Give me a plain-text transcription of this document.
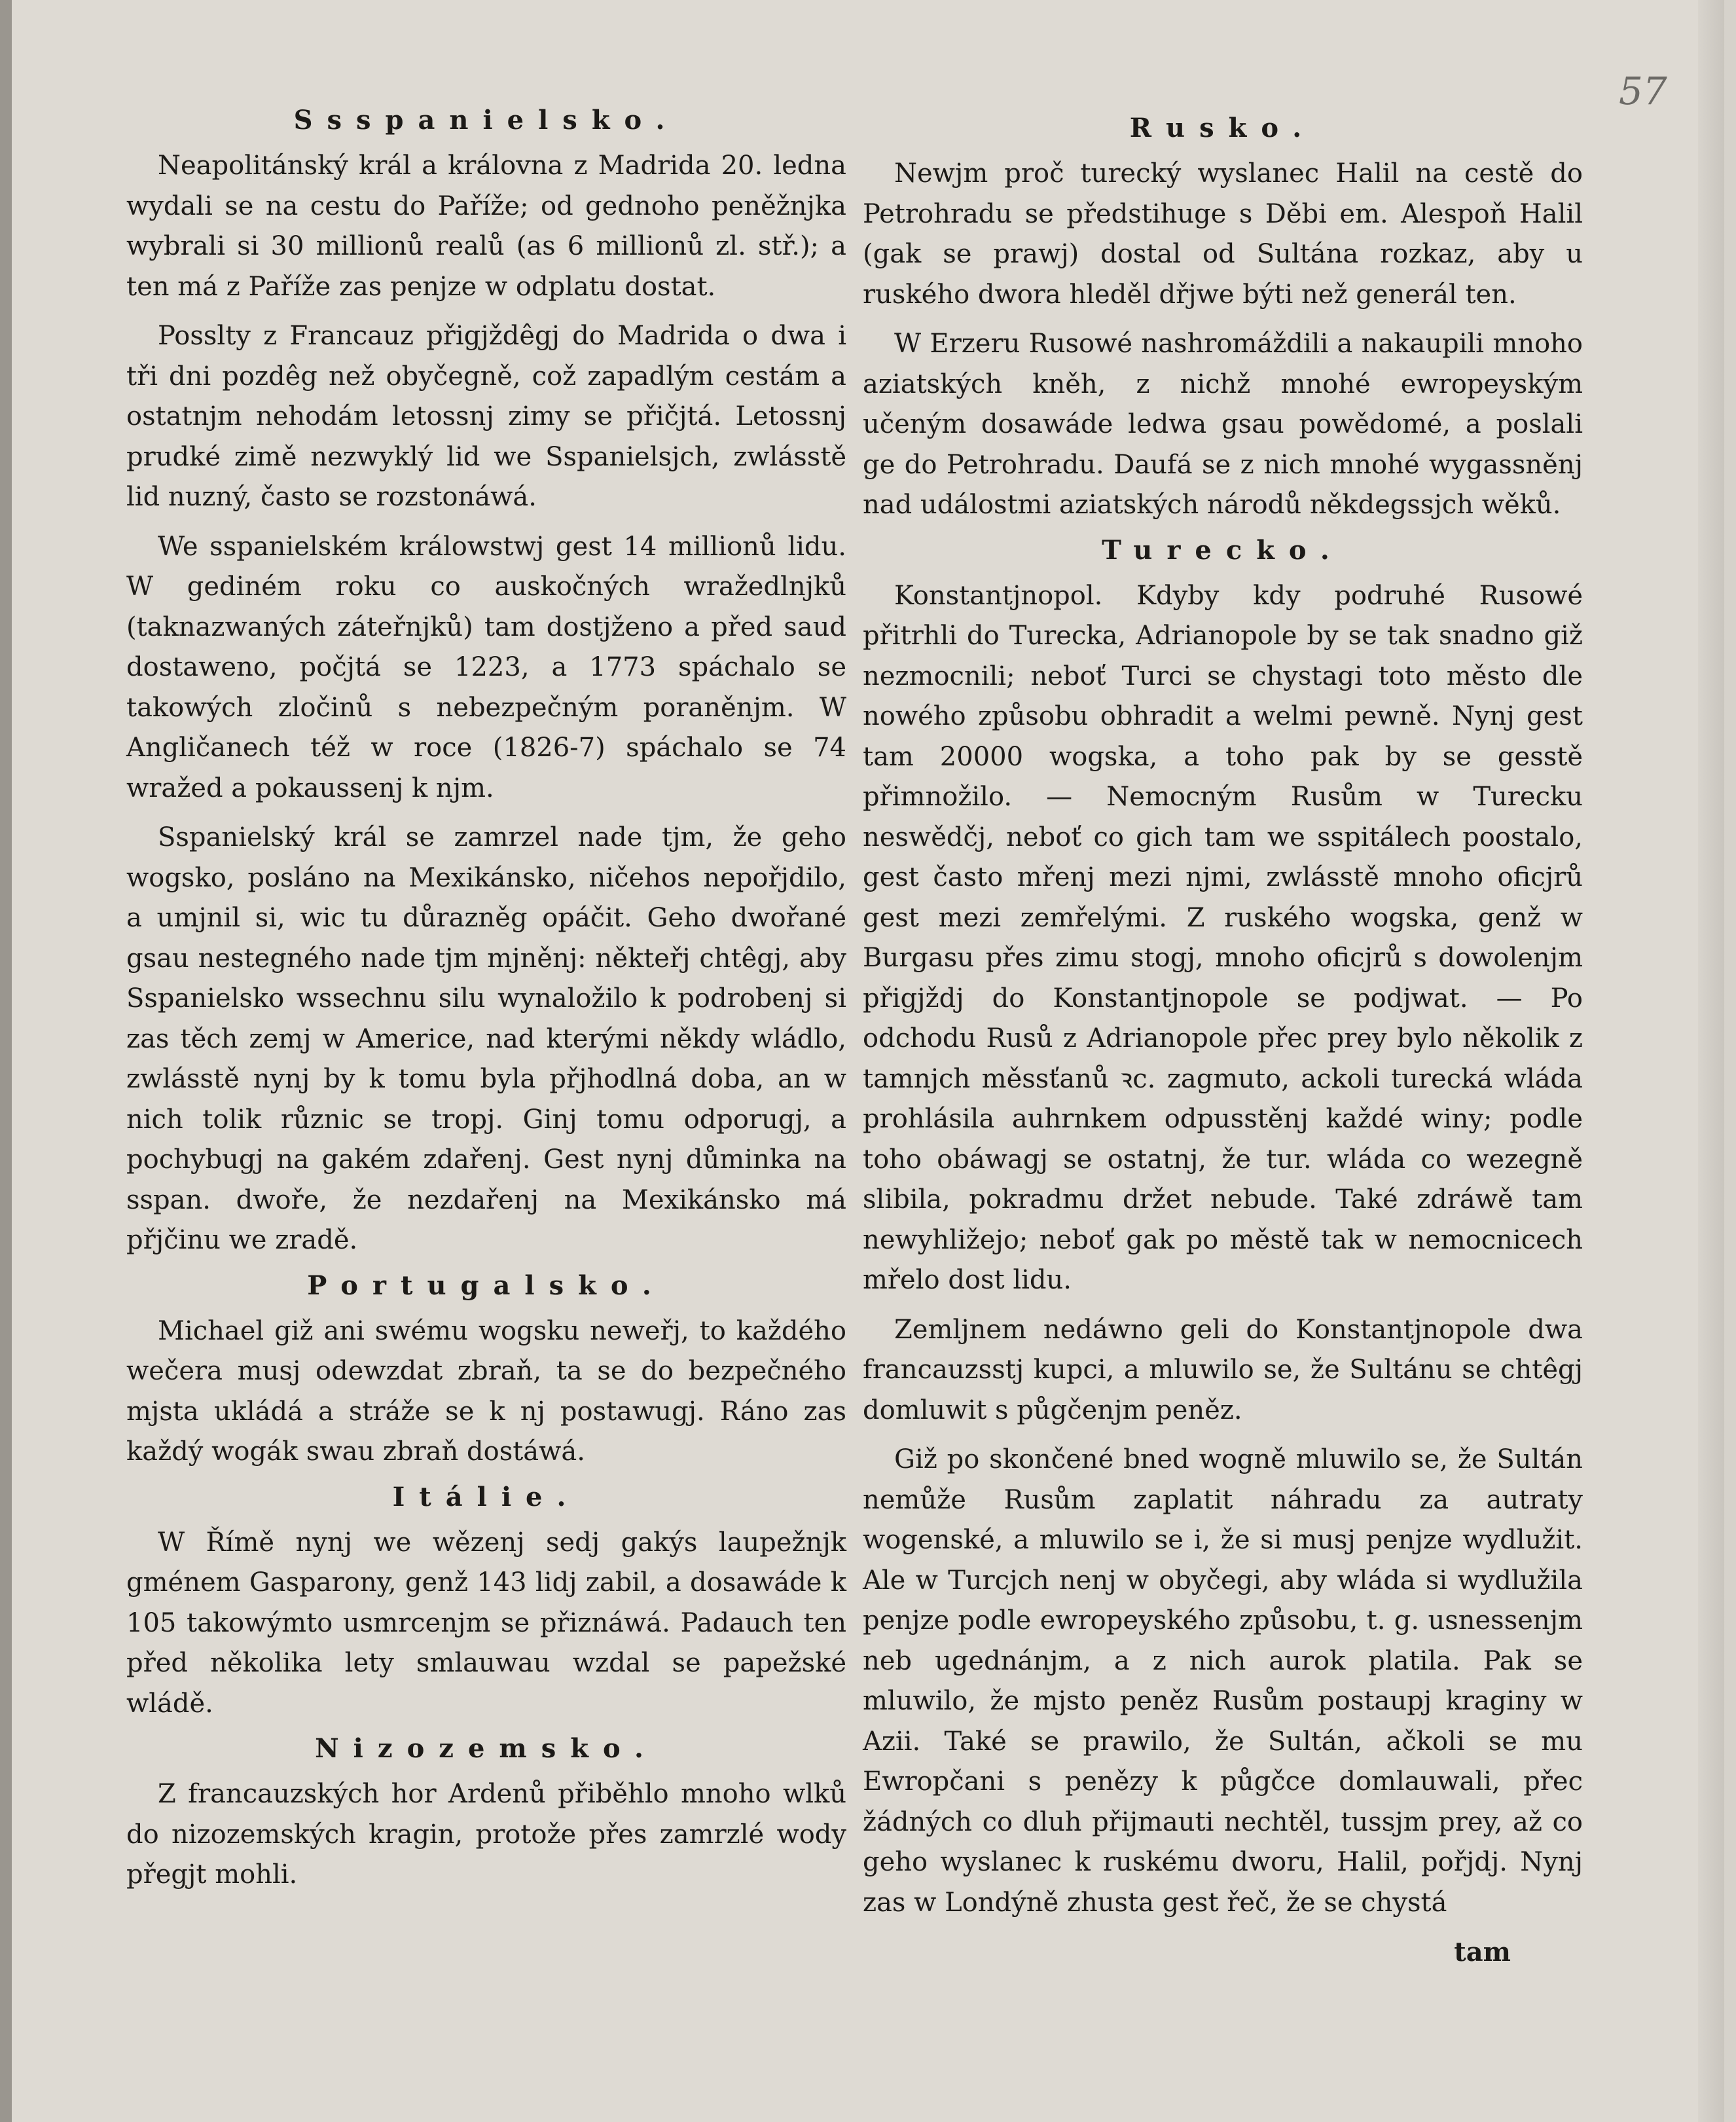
57
Ssspanielsko.

Neapolitánský král a královna z Madrida 20. ledna wydali se na cestu do Paříže; od gednoho peněžnjka wybrali si 30 millionů realů (as 6 millionů zl. stř.); a ten má z Paříže zas penjze w odplatu dostat.

Posslty z Francauz přigjždêgj do Madrida o dwa i tři dni pozdêg než obyčegně, což zapadlým cestám a ostatnjm nehodám letossnj zimy se přičjtá. Letossnj prudké zimě nezwyklý lid we Sspanielsjch, zwlásstě lid nuzný, často se rozstonáwá.

We sspanielském králowstwj gest 14 millionů lidu. W gediném roku co auskočných wražedlnjků (taknazwaných záteřnjků) tam dostjženo a před saud dostaweno, počjtá se 1223, a 1773 spáchalo se takowých zločinů s nebezpečným poraněnjm. W Angličanech též w roce (1826-7) spáchalo se 74 wražed a pokaussenj k njm.

Sspanielský král se zamrzel nade tjm, že geho wogsko, posláno na Mexikánsko, ničehos nepořjdilo, a umjnil si, wic tu důrazněg opáčit. Geho dwořané gsau nestegného nade tjm mjněnj: někteřj chtêgj, aby Sspanielsko wssechnu silu wynaložilo k podrobenj si zas těch zemj w Americe, nad kterými někdy wládlo, zwlásstě nynj by k tomu byla přjhodlná doba, an w nich tolik různic se tropj. Ginj tomu odporugj, a pochybugj na gakém zdařenj. Gest nynj důminka na sspan. dwoře, že nezdařenj na Mexikánsko má přjčinu we zradě.

Portugalsko.

Michael giž ani swému wogsku neweřj, to každého wečera musj odewzdat zbraň, ta se do bezpečného mjsta ukládá a stráže se k nj postawugj. Ráno zas každý wogák swau zbraň dostáwá.

Itálie.

W Římě nynj we wězenj sedj gakýs laupežnjk gménem Gasparony, genž 143 lidj zabil, a dosawáde k 105 takowýmto usmrcenjm se přiznáwá. Padauch ten před několika lety smlauwau wzdal se papežské wládě.

Nizozemsko.

Z francauzských hor Ardenů přiběhlo mnoho wlků do nizozemských kragin, protože přes zamrzlé wody přegjt mohli.

Rusko.

Newjm proč turecký wyslanec Halil na cestě do Petrohradu se předstihuge s Děbi em. Alespoň Halil (gak se prawj) dostal od Sultána rozkaz, aby u ruského dwora hleděl dřjwe býti než generál ten.

W Erzeru Rusowé nashromáždili a nakaupili mnoho aziatských kněh, z nichž mnohé ewropeyským učeným dosawáde ledwa gsau powědomé, a poslali ge do Petrohradu. Daufá se z nich mnohé wygassněnj nad událostmi aziatských národů někdegssjch wěků.

Turecko.

Konstantjnopol. Kdyby kdy podruhé Rusowé přitrhli do Turecka, Adrianopole by se tak snadno giž nezmocnili; neboť Turci se chystagi toto město dle nowého způsobu obhradit a welmi pewně. Nynj gest tam 20000 wogska, a toho pak by se gesstě přimnožilo. — Nemocným Rusům w Turecku neswědčj, neboť co gich tam we sspitálech poostalo, gest často mřenj mezi njmi, zwlásstě mnoho oficjrů gest mezi zemřelými. Z ruského wogska, genž w Burgasu přes zimu stogj, mnoho oficjrů s dowolenjm přigjždj do Konstantjnopole se podjwat. — Po odchodu Rusů z Adrianopole přec prey bylo několik z tamnjch měssťanů ꝛc. zagmuto, ackoli turecká wláda prohlásila auhrnkem odpusstěnj každé winy; podle toho obáwagj se ostatnj, že tur. wláda co wezegně slibila, pokradmu držet nebude. Také zdráwě tam newyhližejo; neboť gak po městě tak w nemocnicech mřelo dost lidu.

Zemljnem nedáwno geli do Konstantjnopole dwa francauzsstj kupci, a mluwilo se, že Sultánu se chtêgj domluwit s půgčenjm peněz.

Giž po skončené bned wogně mluwilo se, že Sultán nemůže Rusům zaplatit náhradu za autraty wogenské, a mluwilo se i, že si musj penjze wydlužit. Ale w Turcjch nenj w obyčegi, aby wláda si wydlužila penjze podle ewropeyského způsobu, t. g. usnessenjm neb ugednánjm, a z nich aurok platila. Pak se mluwilo, že mjsto peněz Rusům postaupj kraginy w Azii. Také se prawilo, že Sultán, ačkoli se mu Ewropčani s penězy k půgčce domlauwali, přec žádných co dluh přijmauti nechtěl, tussjm prey, až co geho wyslanec k ruskému dworu, Halil, pořjdj. Nynj zas w Londýně zhusta gest řeč, že se chystá

tam
